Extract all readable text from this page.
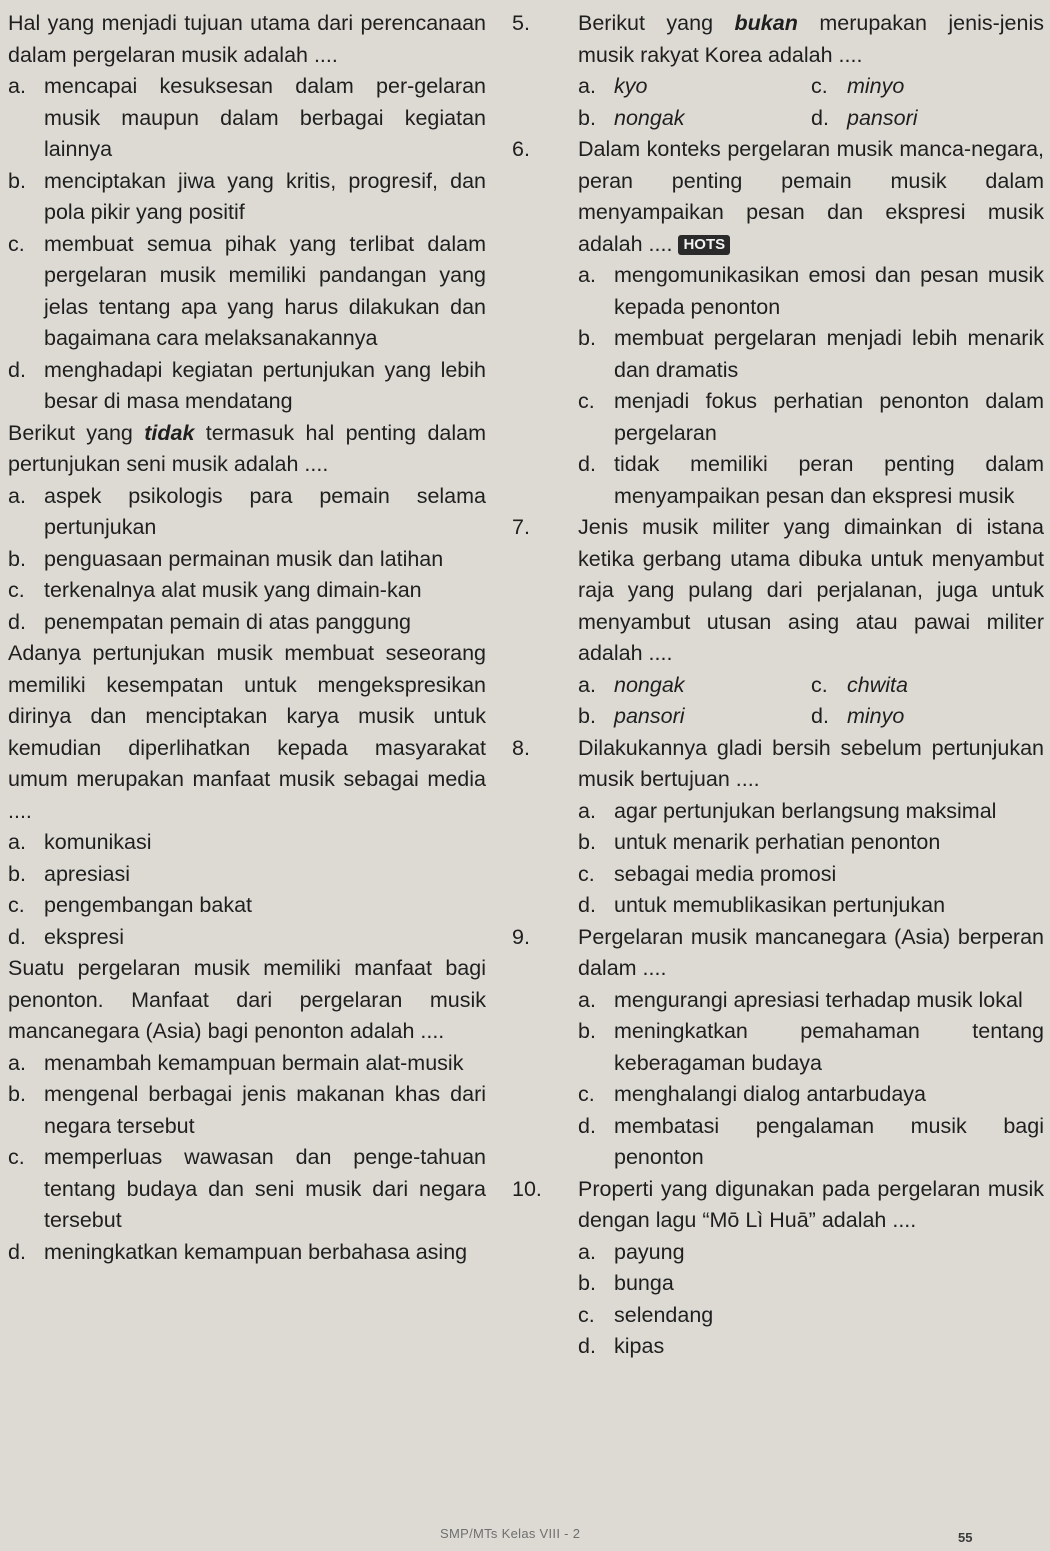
Hal yang menjadi tujuan utama dari perencanaan dalam pergelaran musik adalah ....
a. mencapai kesuksesan dalam per-gelaran musik maupun dalam berbagai kegiatan lainnya
b. menciptakan jiwa yang kritis, progresif, dan pola pikir yang positif
c. membuat semua pihak yang terlibat dalam pergelaran musik memiliki pandangan yang jelas tentang apa yang harus dilakukan dan bagaimana cara melaksanakannya
d. menghadapi kegiatan pertunjukan yang lebih besar di masa mendatang
Berikut yang tidak termasuk hal penting dalam pertunjukan seni musik adalah ....
a. aspek psikologis para pemain selama pertunjukan
b. penguasaan permainan musik dan latihan
c. terkenalnya alat musik yang dimain-kan
d. penempatan pemain di atas panggung
Adanya pertunjukan musik membuat seseorang memiliki kesempatan untuk mengekspresikan dirinya dan menciptakan karya musik untuk kemudian diperlihatkan kepada masyarakat umum merupakan manfaat musik sebagai media ....
a. komunikasi
b. apresiasi
c. pengembangan bakat
d. ekspresi
Suatu pergelaran musik memiliki manfaat bagi penonton. Manfaat dari pergelaran musik mancanegara (Asia) bagi penonton adalah ....
a. menambah kemampuan bermain alat-musik
b. mengenal berbagai jenis makanan khas dari negara tersebut
c. memperluas wawasan dan penge-tahuan tentang budaya dan seni musik dari negara tersebut
d. meningkatkan kemampuan berbahasa asing
5.	Berikut yang bukan merupakan jenis-jenis musik rakyat Korea adalah ....
a. kyo	c. minyo
b. nongak	d. pansori
6.	Dalam konteks pergelaran musik manca-negara, peran penting pemain musik dalam menyampaikan pesan dan ekspresi musik adalah .... HOTS
a. mengomunikasikan emosi dan pesan musik kepada penonton
b. membuat pergelaran menjadi lebih menarik dan dramatis
c. menjadi fokus perhatian penonton dalam pergelaran
d. tidak memiliki peran penting dalam menyampaikan pesan dan ekspresi musik
7.	Jenis musik militer yang dimainkan di istana ketika gerbang utama dibuka untuk menyambut raja yang pulang dari perjalanan, juga untuk menyambut utusan asing atau pawai militer adalah ....
a. nongak	c. chwita
b. pansori	d. minyo
8.	Dilakukannya gladi bersih sebelum pertunjukan musik bertujuan ....
a. agar pertunjukan berlangsung maksimal
b. untuk menarik perhatian penonton
c. sebagai media promosi
d. untuk memublikasikan pertunjukan
9.	Pergelaran musik mancanegara (Asia) berperan dalam ....
a. mengurangi apresiasi terhadap musik lokal
b. meningkatkan pemahaman tentang keberagaman budaya
c. menghalangi dialog antarbudaya
d. membatasi pengalaman musik bagi penonton
10.	Properti yang digunakan pada pergelaran musik dengan lagu “Mō Lì Huā” adalah ....
a. payung
b. bunga
c. selendang
d. kipas
SMP/MTs Kelas VIII - 2	55
